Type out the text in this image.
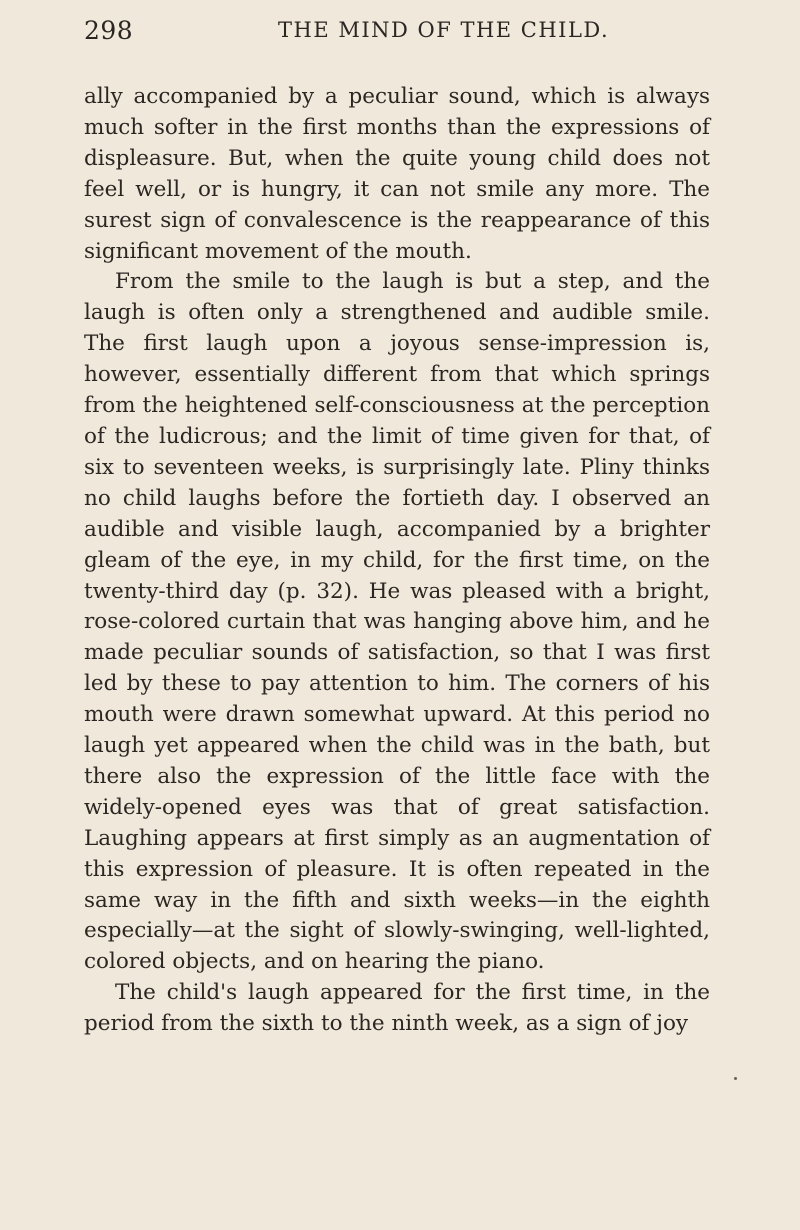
298	THE MIND OF THE CHILD.

ally accompanied by a peculiar sound, which is always much softer in the first months than the expressions of displeasure. But, when the quite young child does not feel well, or is hungry, it can not smile any more. The surest sign of convalescence is the reappearance of this significant movement of the mouth.

From the smile to the laugh is but a step, and the laugh is often only a strengthened and audible smile. The first laugh upon a joyous sense-impression is, however, essentially different from that which springs from the heightened self-consciousness at the perception of the ludicrous; and the limit of time given for that, of six to seventeen weeks, is surprisingly late. Pliny thinks no child laughs before the fortieth day. I observed an audible and visible laugh, accompanied by a brighter gleam of the eye, in my child, for the first time, on the twenty-third day (p. 32). He was pleased with a bright, rose-colored curtain that was hanging above him, and he made peculiar sounds of satisfaction, so that I was first led by these to pay attention to him. The corners of his mouth were drawn somewhat upward. At this period no laugh yet appeared when the child was in the bath, but there also the expression of the little face with the widely-opened eyes was that of great satisfaction. Laughing appears at first simply as an augmentation of this expression of pleasure. It is often repeated in the same way in the fifth and sixth weeks—in the eighth especially—at the sight of slowly-swinging, well-lighted, colored objects, and on hearing the piano.

The child's laugh appeared for the first time, in the period from the sixth to the ninth week, as a sign of joy
